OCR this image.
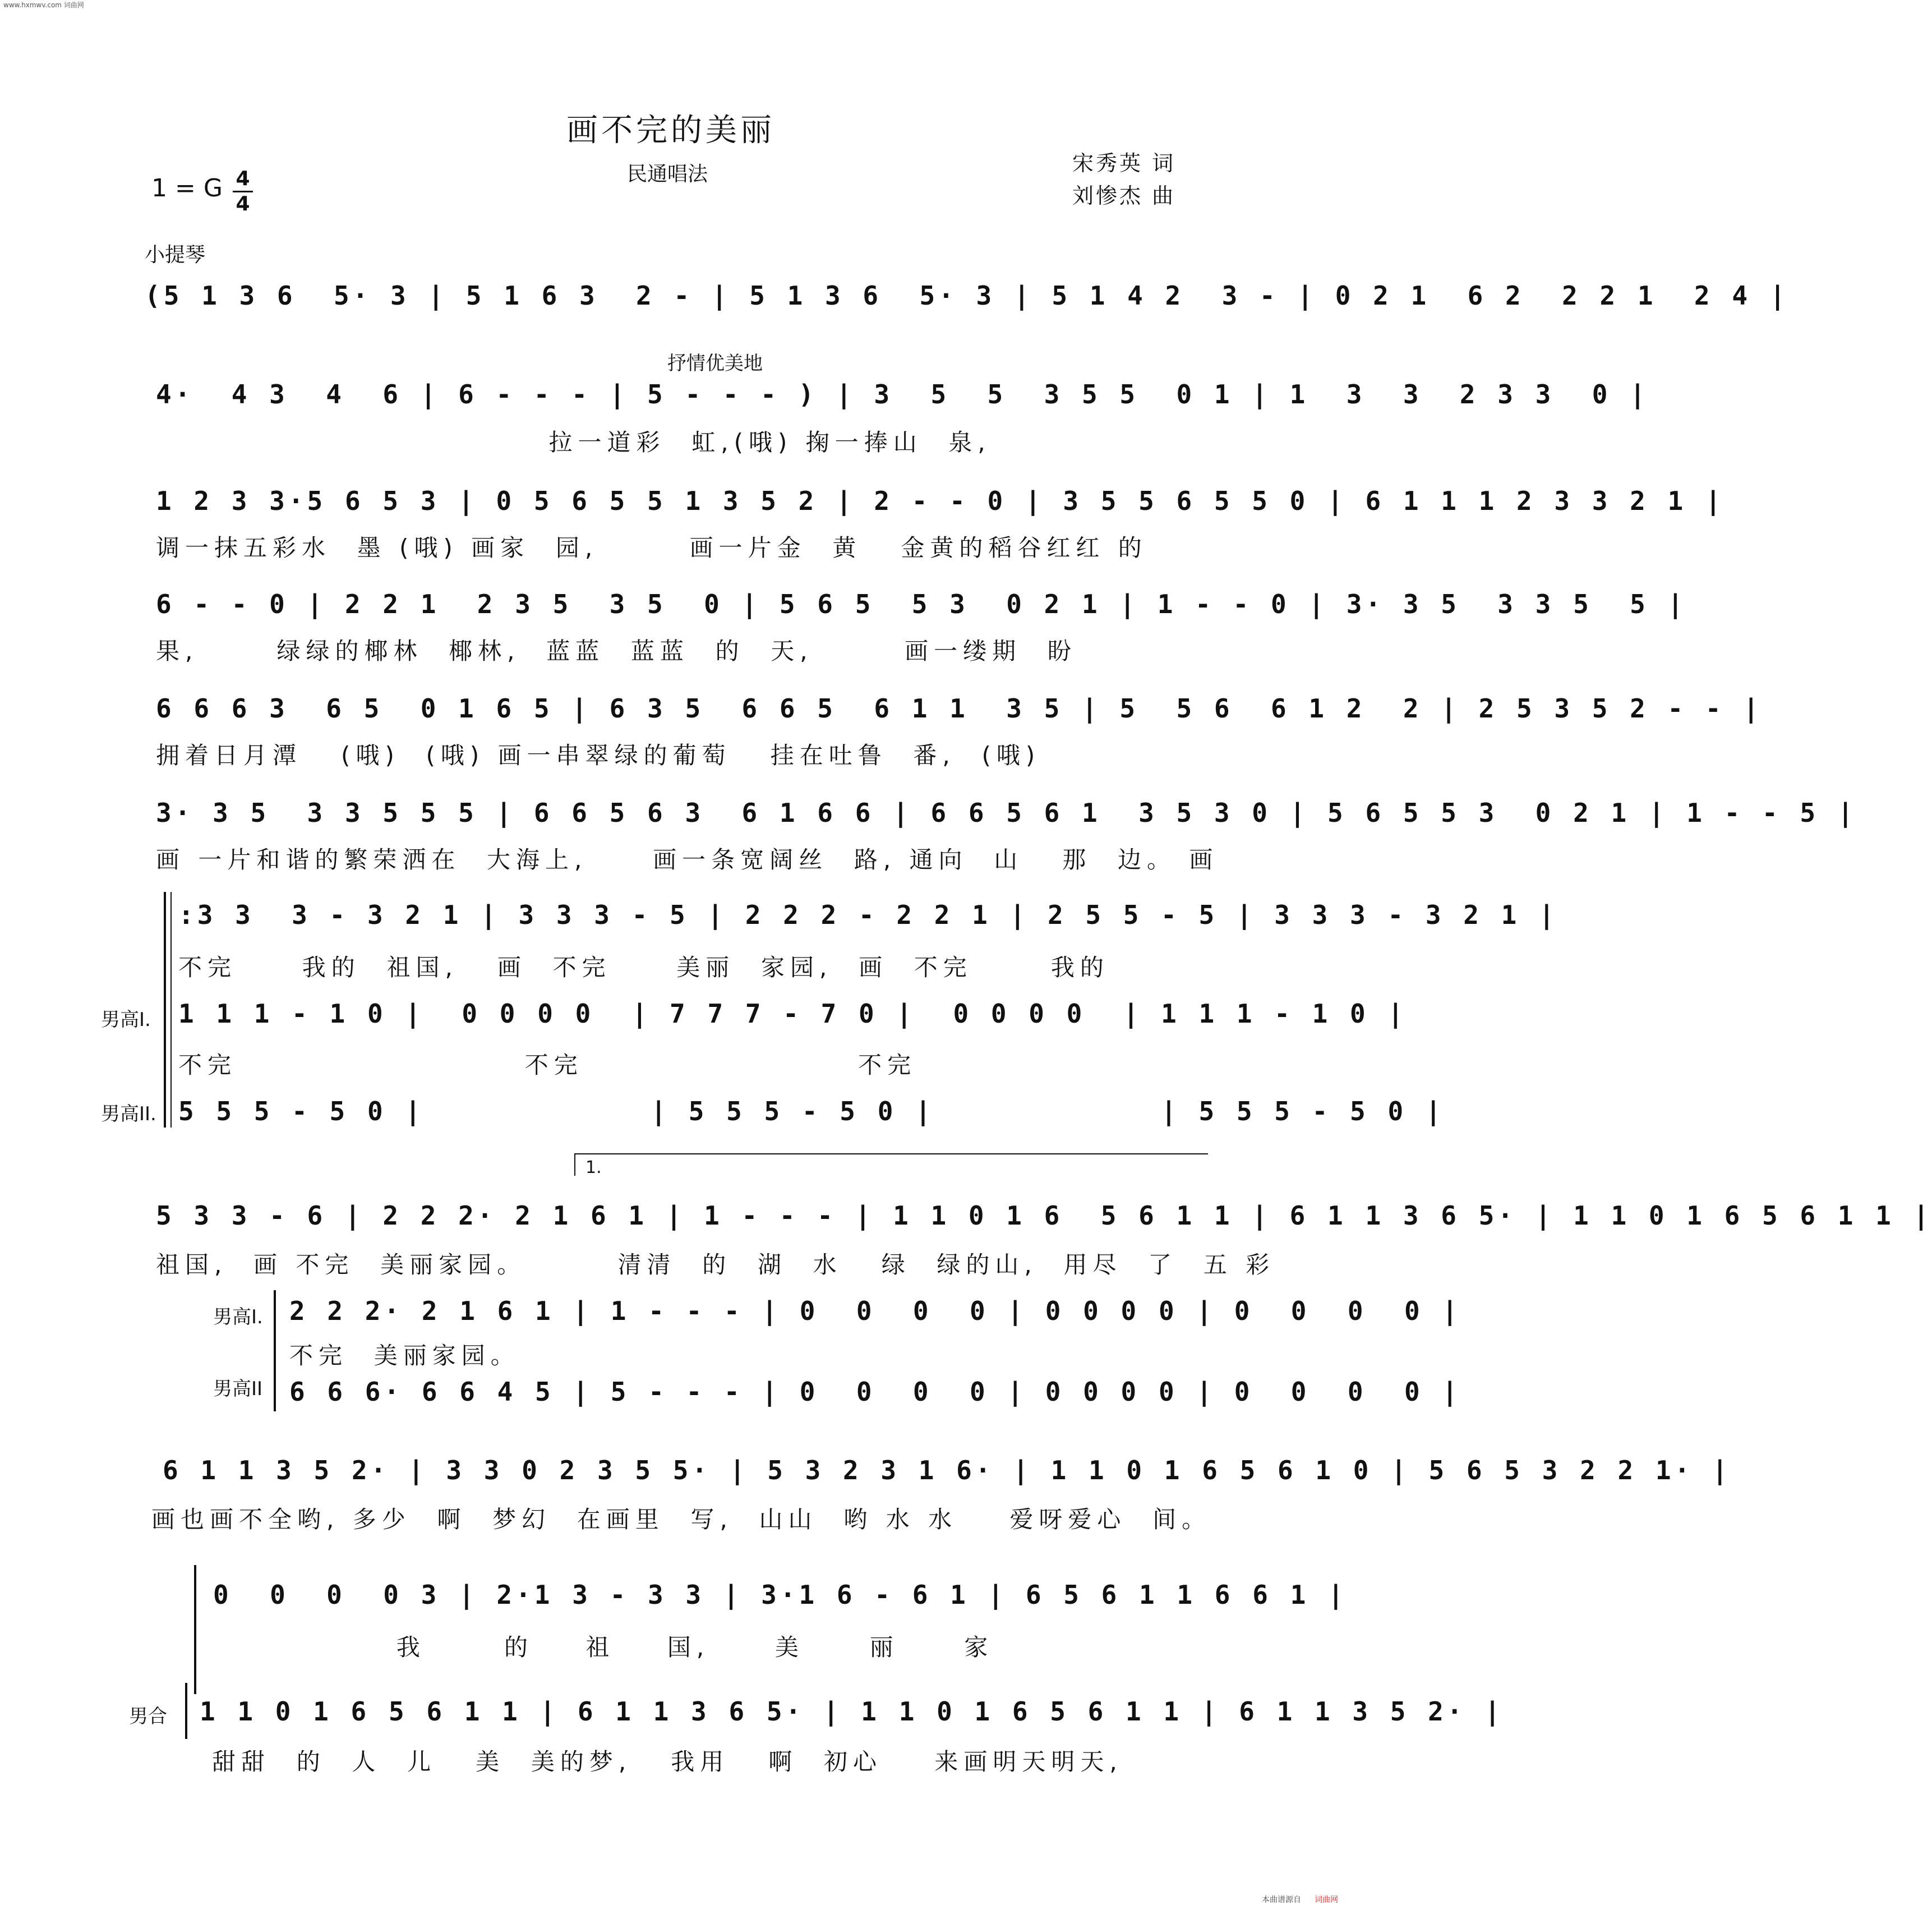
www.hxmwv.com 词曲网
画不完的美丽
民通唱法	宋秀英 词
刘惨杰 曲
1 = G 4
4
小提琴
(5 1 3 6  5· 3 | 5 1 6 3  2 - | 5 1 3 6  5· 3 | 5 1 4 2  3 - | 0 2 1  6 2  2 2 1  2 4 |
抒情优美地
4·  4 3  4  6 | 6 - - - | 5 - - - ) | 3  5  5  3 5 5  0 1 | 1  3  3  2 3 3  0 |
拉一道彩  虹,(哦) 掬一捧山  泉,
1 2 3 3·5 6 5 3 | 0 5 6 5 5 1 3 5 2 | 2 - - 0 | 3 5 5 6 5 5 0 | 6 1 1 1 2 3 3 2 1 |
调一抹五彩水  墨 (哦) 画家  园,       画一片金  黄   金黄的稻谷红红 的
6 - - 0 | 2 2 1  2 3 5  3 5  0 | 5 6 5  5 3  0 2 1 | 1 - - 0 | 3· 3 5  3 3 5  5 |
果,      绿绿的椰林  椰林,  蓝蓝  蓝蓝  的  天,       画一缕期  盼
6 6 6 3  6 5  0 1 6 5 | 6 3 5  6 6 5  6 1 1  3 5 | 5  5 6  6 1 2  2 | 2 5 3 5 2 - - |
拥着日月潭   (哦)  (哦) 画一串翠绿的葡萄   挂在吐鲁  番,  (哦)
3· 3 5  3 3 5 5 5 | 6 6 5 6 3  6 1 6 6 | 6 6 5 6 1  3 5 3 0 | 5 6 5 5 3  0 2 1 | 1 - - 5 |
画 一片和谐的繁荣洒在  大海上,     画一条宽阔丝  路, 通向  山   那  边。 画
:3 3  3 - 3 2 1 | 3 3 3 - 5 | 2 2 2 - 2 2 1 | 2 5 5 - 5 | 3 3 3 - 3 2 1 |
不完     我的  祖国,   画  不完     美丽  家园,  画  不完      我的
男高I. 1 1 1 - 1 0 |  0 0 0 0  | 7 7 7 - 7 0 |  0 0 0 0  | 1 1 1 - 1 0 |
不完                      不完                     不完
男高II. 5 5 5 - 5 0 |            | 5 5 5 - 5 0 |            | 5 5 5 - 5 0 |
1.
5 3 3 - 6 | 2 2 2· 2 1 6 1 | 1 - - - | 1 1 0 1 6  5 6 1 1 | 6 1 1 3 6 5· | 1 1 0 1 6 5 6 1 1 |
祖国,  画 不完  美丽家园。       清清  的  湖  水   绿  绿的山,  用尽  了  五 彩
男高I. 2 2 2· 2 1 6 1 | 1 - - - | 0  0  0  0 | 0 0 0 0 | 0  0  0  0 |
不完  美丽家园。
男高II 6 6 6· 6 6 4 5 | 5 - - - | 0  0  0  0 | 0 0 0 0 | 0  0  0  0 |
6 1 1 3 5 2· | 3 3 0 2 3 5 5· | 5 3 2 3 1 6· | 1 1 0 1 6 5 6 1 0 | 5 6 5 3 2 2 1· |
画也画不全哟, 多少  啊  梦幻  在画里  写,  山山  哟 水 水    爱呀爱心  间。
0  0  0  0 3 | 2·1 3 - 3 3 | 3·1 6 - 6 1 | 6 5 6 1 1 6 6 1 |
我      的    祖    国,     美     丽     家
男合 1 1 0 1 6 5 6 1 1 | 6 1 1 3 6 5· | 1 1 0 1 6 5 6 1 1 | 6 1 1 3 5 2· |
甜甜  的  人  儿   美  美的梦,   我用   啊  初心    来画明天明天,
本曲谱源自 词曲网
